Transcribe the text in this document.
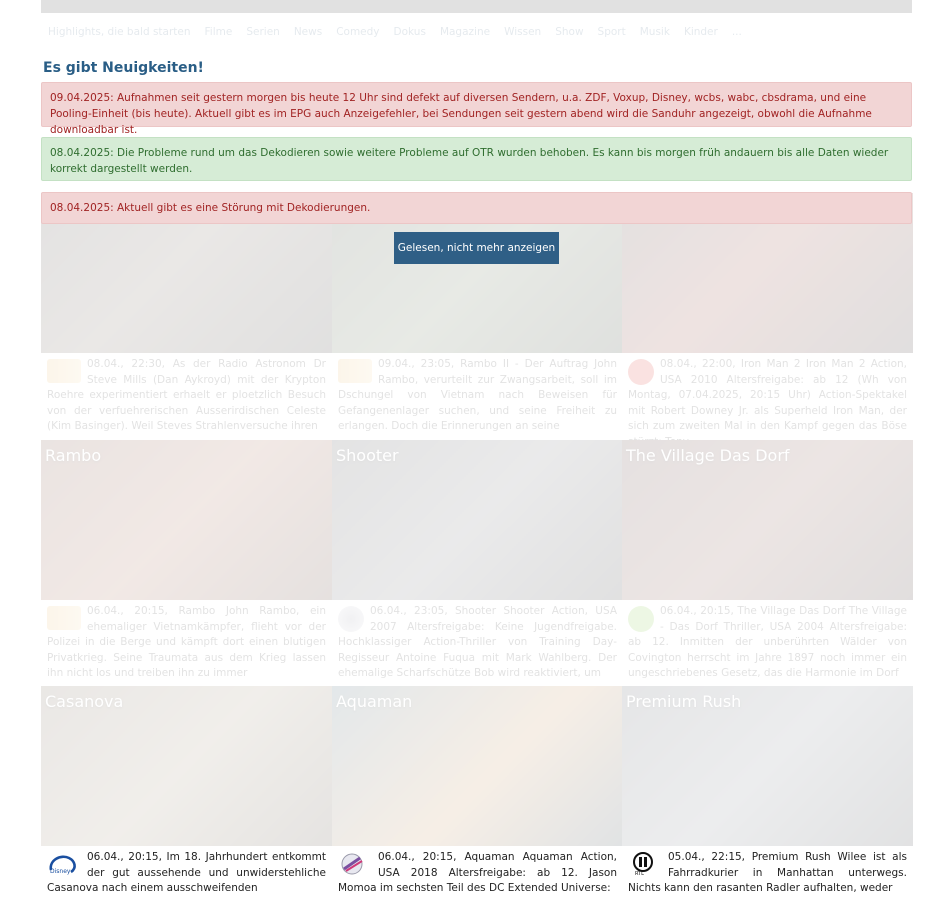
Disney
06.04., 20:15, Im 18. Jahrhundert entkommt der gut aussehende und unwiderstehliche Casanova nach einem ausschweifenden
06.04., 20:15, Aquaman Aquaman Action, USA 2018 Altersfreigabe: ab 12. Jason Momoa im sechsten Teil des DC Extended Universe:
RTL
05.04., 22:15, Premium Rush Wilee ist als Fahrradkurier in Manhattan unterwegs. Nichts kann den rasanten Radler aufhalten, weder
Es gibt Neuigkeiten!
09.04.2025: Aufnahmen seit gestern morgen bis heute 12 Uhr sind defekt auf diversen Sendern, u.a. ZDF, Voxup, Disney, wcbs, wabc, cbsdrama, und eine Pooling-Einheit (bis heute). Aktuell gibt es im EPG auch Anzeigefehler, bei Sendungen seit gestern abend wird die Sanduhr angezeigt, obwohl die Aufnahme downloadbar ist.
08.04.2025: Die Probleme rund um das Dekodieren sowie weitere Probleme auf OTR wurden behoben. Es kann bis morgen früh andauern bis alle Daten wieder korrekt dargestellt werden.
08.04.2025: Aktuell gibt es eine Störung mit Dekodierungen.
Gelesen, nicht mehr anzeigen
